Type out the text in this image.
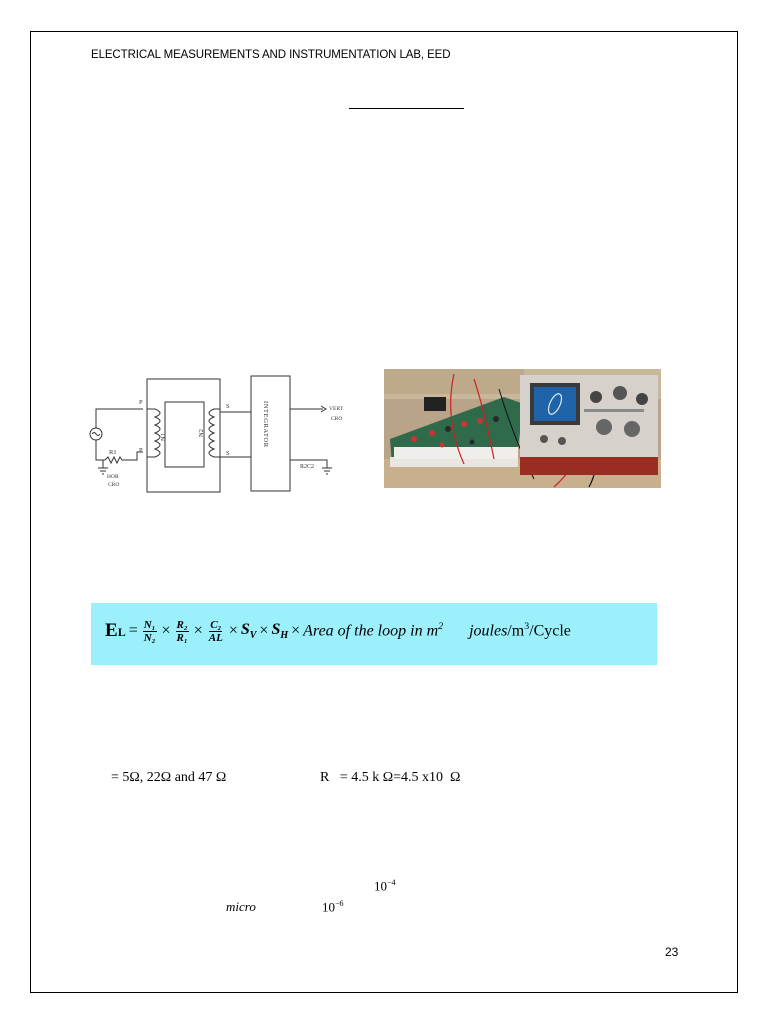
ELECTRICAL MEASUREMENTS AND INSTRUMENTATION LAB, EED
P
P
S
S
N1
N2
R1
HOR
CRO
INTEGRATOR	VERT
CRO
R2C2
EL = $\frac{\text{N₁}}{\text{N₂}} \times \frac{\text{R₂}}{\text{R₁}} \times \frac{\text{C₂}}{AL} \times S_V \times S_H$ × Area of the loop in $m^2$ joules/$m^3$/Cycle
= 5Ω, 22Ω and 47 Ω	R   = 4.5 k Ω=4.5 x10  Ω
$10^{-4}$
micro	$10^{-6}$
23
